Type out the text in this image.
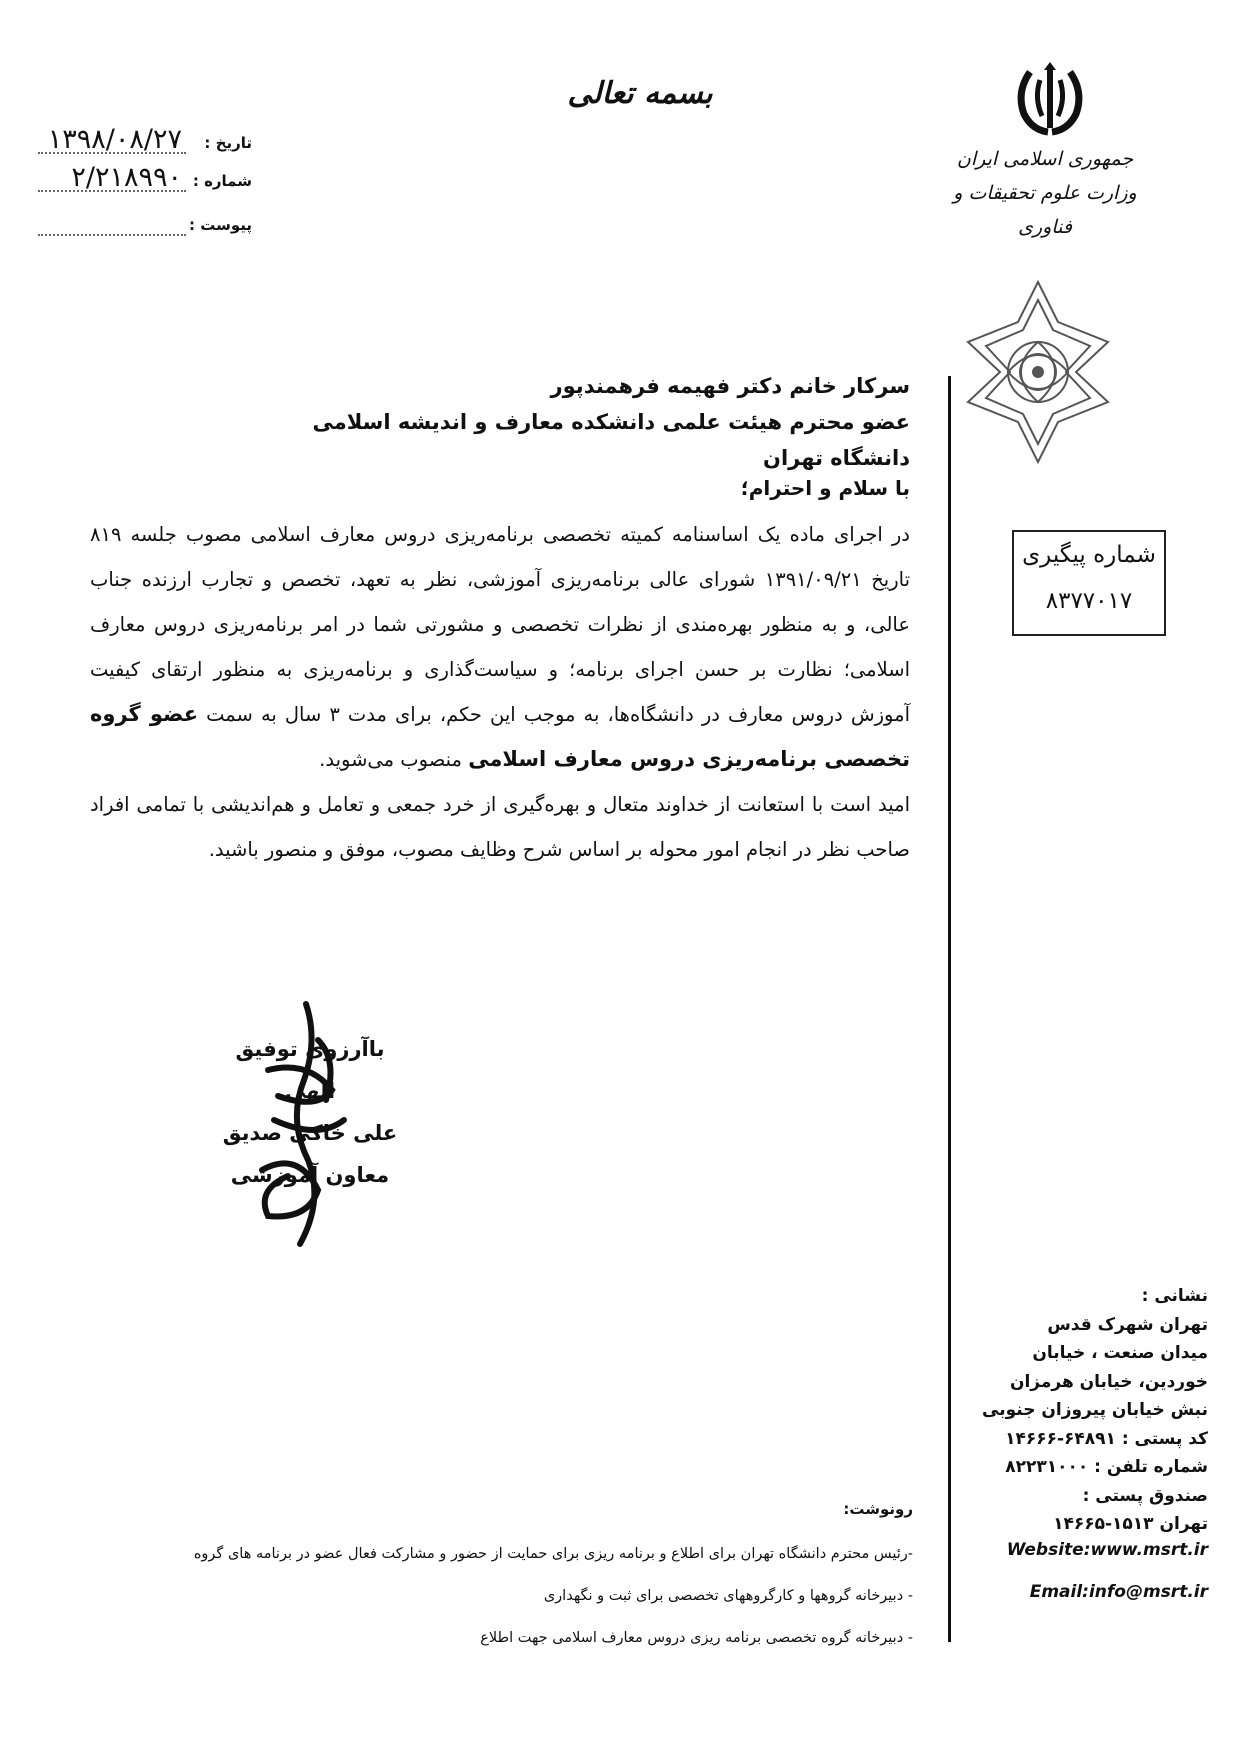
بسمه تعالی
جمهوری اسلامی ایران
وزارت علوم تحقیقات و فناوری
تاریخ :
۱۳۹۸/۰۸/۲۷
شماره :
۲/۲۱۸۹۹۰
پیوست :
شماره پیگیری
۸۳۷۷۰۱۷
سرکار خانم دکتر فهیمه فرهمندپور
عضو محترم هیئت علمی دانشکده معارف و اندیشه اسلامی دانشگاه تهران
با سلام و احترام؛

در اجرای ماده یک اساسنامه کمیته تخصصی برنامه‌ریزی دروس معارف اسلامی مصوب جلسه ۸۱۹ تاریخ ۱۳۹۱/۰۹/۲۱ شورای عالی برنامه‌ریزی آموزشی، نظر به تعهد، تخصص و تجارب ارزنده جناب عالی، و به منظور بهره‌مندی از نظرات تخصصی و مشورتی شما در امر برنامه‌ریزی دروس معارف اسلامی؛ نظارت بر حسن اجرای برنامه؛ و سیاست‌گذاری و برنامه‌ریزی به منظور ارتقای کیفیت آموزش دروس معارف در دانشگاه‌ها، به موجب این حکم، برای مدت ۳ سال به سمت عضو گروه تخصصی برنامه‌ریزی دروس معارف اسلامی منصوب می‌شوید.

امید است با استعانت از خداوند متعال و بهره‌گیری از خرد جمعی و تعامل و هم‌اندیشی با تمامی افراد صاحب نظر در انجام امور محوله بر اساس شرح وظایف مصوب، موفق و منصور باشید.

باآرزوی توفیق الهی
علی خاکی صدیق
معاون آموزشی
نشانی :
تهران شهرک قدس
میدان صنعت ، خیابان
خوردین، خیابان هرمزان
نبش خیابان پیروزان جنوبی
کد پستی : ۶۴۸۹۱-۱۴۶۶۶
شماره تلفن : ۸۲۲۳۱۰۰۰
صندوق پستی :
تهران ۱۵۱۳-۱۴۶۶۵
Website:www.msrt.ir
Email:info@msrt.ir
رونوشت:
-رئیس محترم دانشگاه تهران برای اطلاع و برنامه ریزی برای حمایت از حضور و مشارکت فعال عضو در برنامه های گروه
- دبیرخانه گروهها و کارگروههای تخصصی برای ثبت و نگهداری
- دبیرخانه گروه تخصصی برنامه ریزی دروس معارف اسلامی جهت اطلاع
